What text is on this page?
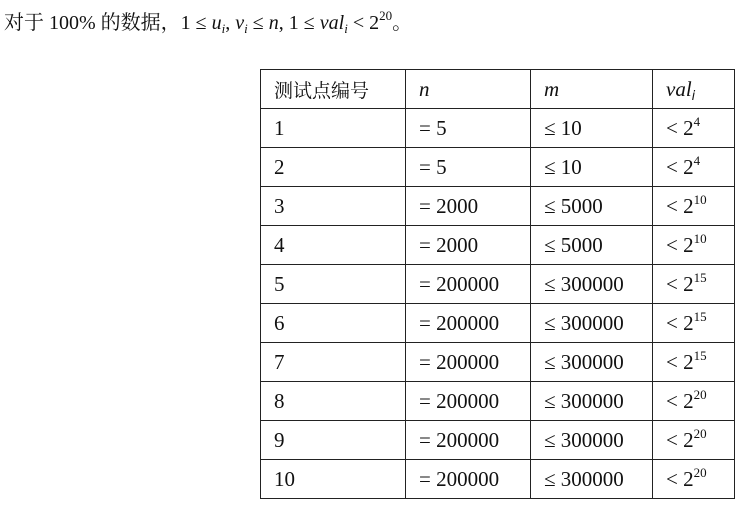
对于 100% 的数据，$1 \le u_i$, $v_i \le n$, $1 \le val_i < 2^{20}$。
测试点编号	n	m	val$_i$
1	= 5	≤ 10	< $2^4$
2	= 5	≤ 10	< $2^4$
3	= 2000	≤ 5000	< $2^{10}$
4	= 2000	≤ 5000	< $2^{10}$
5	= 200000	≤ 300000	< $2^{15}$
6	= 200000	≤ 300000	< $2^{15}$
7	= 200000	≤ 300000	< $2^{15}$
8	= 200000	≤ 300000	< $2^{20}$
9	= 200000	≤ 300000	< $2^{20}$
10	= 200000	≤ 300000	< $2^{20}$
